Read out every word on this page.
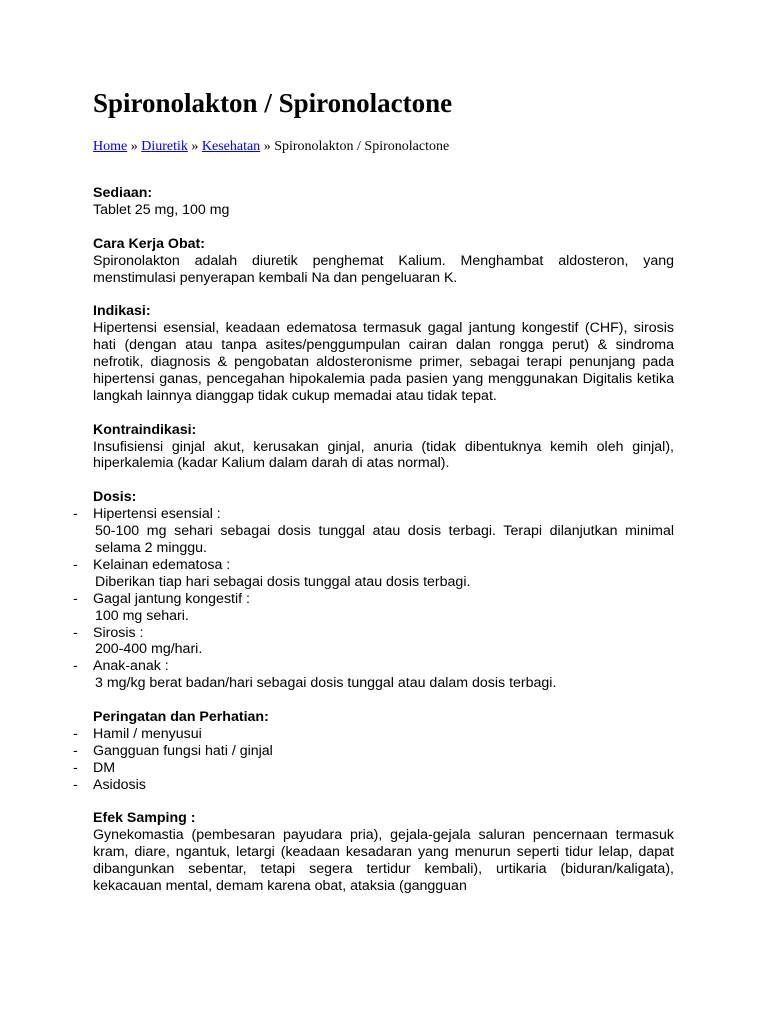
Spironolakton / Spironolactone
Home » Diuretik » Kesehatan » Spironolakton / Spironolactone
Sediaan:

Tablet 25 mg, 100 mg

Cara Kerja Obat:

Spironolakton adalah diuretik penghemat Kalium. Menghambat aldosteron, yang menstimulasi penyerapan kembali Na dan pengeluaran K.

Indikasi:

Hipertensi esensial, keadaan edematosa termasuk gagal jantung kongestif (CHF), sirosis hati (dengan atau tanpa asites/penggumpulan cairan dalan rongga perut) & sindroma nefrotik, diagnosis & pengobatan aldosteronisme primer, sebagai terapi penunjang pada hipertensi ganas, pencegahan hipokalemia pada pasien yang menggunakan Digitalis ketika langkah lainnya dianggap tidak cukup memadai atau tidak tepat.

Kontraindikasi:

Insufisiensi ginjal akut, kerusakan ginjal, anuria (tidak dibentuknya kemih oleh ginjal), hiperkalemia (kadar Kalium dalam darah di atas normal).

Dosis:
- Hipertensi esensial :
50-100 mg sehari sebagai dosis tunggal atau dosis terbagi. Terapi dilanjutkan minimal selama 2 minggu.
- Kelainan edematosa :
Diberikan tiap hari sebagai dosis tunggal atau dosis terbagi.
- Gagal jantung kongestif :
100 mg sehari.
- Sirosis :
200-400 mg/hari.
- Anak-anak :
3 mg/kg berat badan/hari sebagai dosis tunggal atau dalam dosis terbagi.
Peringatan dan Perhatian:
- Hamil / menyusui
- Gangguan fungsi hati / ginjal
- DM
- Asidosis
Efek Samping :

Gynekomastia (pembesaran payudara pria), gejala-gejala saluran pencernaan termasuk kram, diare, ngantuk, letargi (keadaan kesadaran yang menurun seperti tidur lelap, dapat dibangunkan sebentar, tetapi segera tertidur kembali), urtikaria (biduran/kaligata), kekacauan mental, demam karena obat, ataksia (gangguan
